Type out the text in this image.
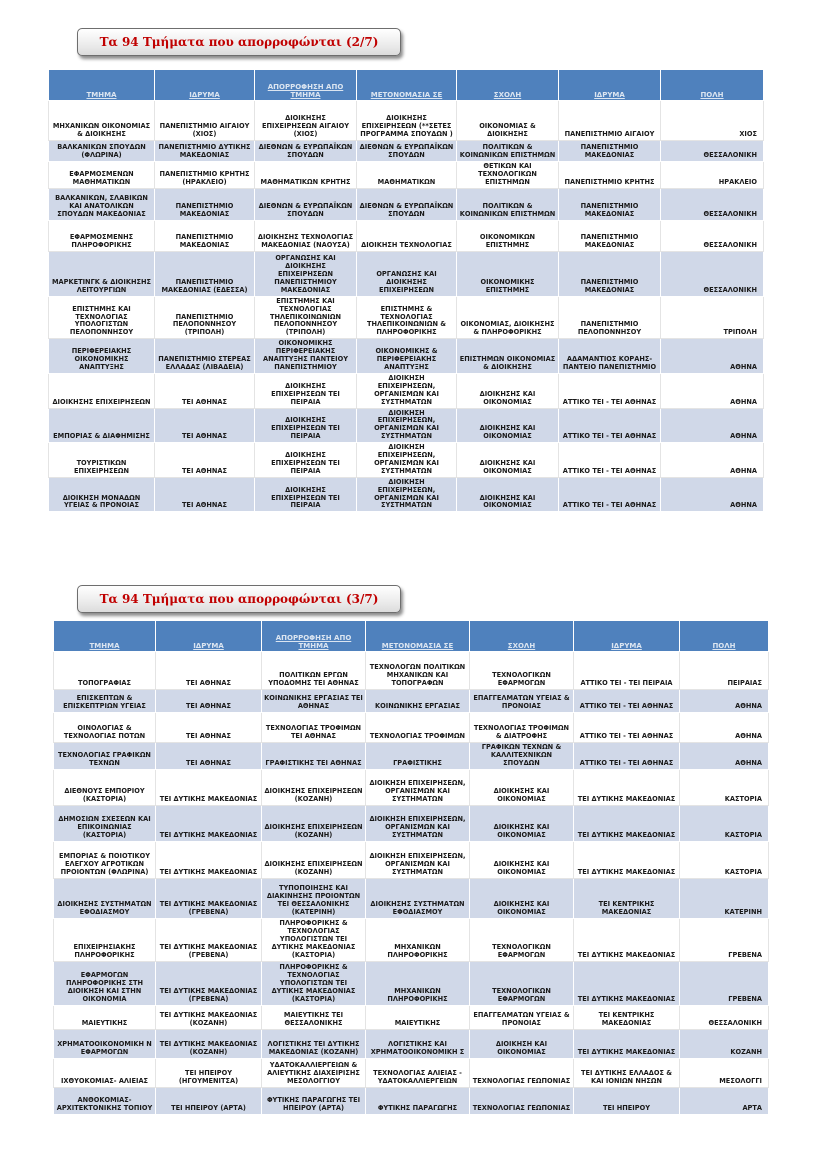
Τα 94 Τμήματα που απορροφώνται (2/7)
ΤΜΗΜΑ	ΙΔΡΥΜΑ	ΑΠΟΡΡΟΦΗΣΗ ΑΠΟ ΤΜΗΜΑ	ΜΕΤΟΝΟΜΑΣΙΑ ΣΕ	ΣΧΟΛΗ	ΙΔΡΥΜΑ	ΠΟΛΗ
ΜΗΧΑΝΙΚΩΝ ΟΙΚΟΝΟΜΙΑΣ & ΔΙΟΙΚΗΣΗΣ	ΠΑΝΕΠΙΣΤΗΜΙΟ ΑΙΓΑΙΟΥ (ΧΙΟΣ)	ΔΙΟΙΚΗΣΗΣ ΕΠΙΧΕΙΡΗΣΕΩΝ ΑΙΓΑΙΟΥ (ΧΙΟΣ)	ΔΙΟΙΚΗΣΗΣ ΕΠΙΧΕΙΡΗΣΕΩΝ (**ΣΕΤΕΣ ΠΡΟΓΡΑΜΜΑ ΣΠΟΥΔΩΝ )	ΟΙΚΟΝΟΜΙΑΣ & ΔΙΟΙΚΗΣΗΣ	ΠΑΝΕΠΙΣΤΗΜΙΟ ΑΙΓΑΙΟΥ	ΧΙΟΣ
ΒΑΛΚΑΝΙΚΩΝ ΣΠΟΥΔΩΝ (ΦΛΩΡΙΝΑ)	ΠΑΝΕΠΙΣΤΗΜΙΟ ΔΥΤΙΚΗΣ ΜΑΚΕΔΟΝΙΑΣ	ΔΙΕΘΝΩΝ & ΕΥΡΩΠΑΪΚΩΝ ΣΠΟΥΔΩΝ	ΔΙΕΘΝΩΝ & ΕΥΡΩΠΑΪΚΩΝ ΣΠΟΥΔΩΝ	ΠΟΛΙΤΙΚΩΝ & ΚΟΙΝΩΝΙΚΩΝ ΕΠΙΣΤΗΜΩΝ	ΠΑΝΕΠΙΣΤΗΜΙΟ ΜΑΚΕΔΟΝΙΑΣ	ΘΕΣΣΑΛΟΝΙΚΗ
ΕΦΑΡΜΟΣΜΕΝΩΝ ΜΑΘΗΜΑΤΙΚΩΝ	ΠΑΝΕΠΙΣΤΗΜΙΟ ΚΡΗΤΗΣ (ΗΡΑΚΛΕΙΟ)	ΜΑΘΗΜΑΤΙΚΩΝ ΚΡΗΤΗΣ	ΜΑΘΗΜΑΤΙΚΩΝ	ΘΕΤΙΚΩΝ ΚΑΙ ΤΕΧΝΟΛΟΓΙΚΩΝ ΕΠΙΣΤΗΜΩΝ	ΠΑΝΕΠΙΣΤΗΜΙΟ ΚΡΗΤΗΣ	ΗΡΑΚΛΕΙΟ
ΒΑΛΚΑΝΙΚΩΝ, ΣΛΑΒΙΚΩΝ ΚΑΙ ΑΝΑΤΟΛΙΚΩΝ ΣΠΟΥΔΩΝ ΜΑΚΕΔΟΝΙΑΣ	ΠΑΝΕΠΙΣΤΗΜΙΟ ΜΑΚΕΔΟΝΙΑΣ	ΔΙΕΘΝΩΝ & ΕΥΡΩΠΑΪΚΩΝ ΣΠΟΥΔΩΝ	ΔΙΕΘΝΩΝ & ΕΥΡΩΠΑΪΚΩΝ ΣΠΟΥΔΩΝ	ΠΟΛΙΤΙΚΩΝ & ΚΟΙΝΩΝΙΚΩΝ ΕΠΙΣΤΗΜΩΝ	ΠΑΝΕΠΙΣΤΗΜΙΟ ΜΑΚΕΔΟΝΙΑΣ	ΘΕΣΣΑΛΟΝΙΚΗ
ΕΦΑΡΜΟΣΜΕΝΗΣ ΠΛΗΡΟΦΟΡΙΚΗΣ	ΠΑΝΕΠΙΣΤΗΜΙΟ ΜΑΚΕΔΟΝΙΑΣ	ΔΙΟΙΚΗΣΗΣ ΤΕΧΝΟΛΟΓΙΑΣ ΜΑΚΕΔΟΝΙΑΣ (ΝΑΟΥΣΑ)	ΔΙΟΙΚΗΣΗ ΤΕΧΝΟΛΟΓΙΑΣ	ΟΙΚΟΝΟΜΙΚΩΝ ΕΠΙΣΤΗΜΗΣ	ΠΑΝΕΠΙΣΤΗΜΙΟ ΜΑΚΕΔΟΝΙΑΣ	ΘΕΣΣΑΛΟΝΙΚΗ
ΜΑΡΚΕΤΙΝΓΚ & ΔΙΟΙΚΗΣΗΣ ΛΕΙΤΟΥΡΓΙΩΝ	ΠΑΝΕΠΙΣΤΗΜΙΟ ΜΑΚΕΔΟΝΙΑΣ (ΕΔΕΣΣΑ)	ΟΡΓΑΝΩΣΗΣ ΚΑΙ ΔΙΟΙΚΗΣΗΣ ΕΠΙΧΕΙΡΗΣΕΩΝ ΠΑΝΕΠΙΣΤΗΜΙΟΥ ΜΑΚΕΔΟΝΙΑΣ	ΟΡΓΑΝΩΣΗΣ ΚΑΙ ΔΙΟΙΚΗΣΗΣ ΕΠΙΧΕΙΡΗΣΕΩΝ	ΟΙΚΟΝΟΜΙΚΗΣ ΕΠΙΣΤΗΜΗΣ	ΠΑΝΕΠΙΣΤΗΜΙΟ ΜΑΚΕΔΟΝΙΑΣ	ΘΕΣΣΑΛΟΝΙΚΗ
ΕΠΙΣΤΗΜΗΣ ΚΑΙ ΤΕΧΝΟΛΟΓΙΑΣ ΥΠΟΛΟΓΙΣΤΩΝ ΠΕΛΟΠΟΝΝΗΣΟΥ	ΠΑΝΕΠΙΣΤΗΜΙΟ ΠΕΛΟΠΟΝΝΗΣΟΥ (ΤΡΙΠΟΛΗ)	ΕΠΙΣΤΗΜΗΣ ΚΑΙ ΤΕΧΝΟΛΟΓΙΑΣ ΤΗΛΕΠΙΚΟΙΝΩΝΙΩΝ ΠΕΛΟΠΟΝΝΗΣΟΥ (ΤΡΙΠΟΛΗ)	ΕΠΙΣΤΗΜΗΣ & ΤΕΧΝΟΛΟΓΙΑΣ ΤΗΛΕΠΙΚΟΙΝΩΝΙΩΝ & ΠΛΗΡΟΦΟΡΙΚΗΣ	ΟΙΚΟΝΟΜΙΑΣ, ΔΙΟΙΚΗΣΗΣ & ΠΛΗΡΟΦΟΡΙΚΗΣ	ΠΑΝΕΠΙΣΤΗΜΙΟ ΠΕΛΟΠΟΝΝΗΣΟΥ	ΤΡΙΠΟΛΗ
ΠΕΡΙΦΕΡΕΙΑΚΗΣ ΟΙΚΟΝΟΜΙΚΗΣ ΑΝΑΠΤΥΞΗΣ	ΠΑΝΕΠΙΣΤΗΜΙΟ ΣΤΕΡΕΑΣ ΕΛΛΑΔΑΣ (ΛΙΒΑΔΕΙΑ)	ΟΙΚΟΝΟΜΙΚΗΣ ΠΕΡΙΦΕΡΕΙΑΚΗΣ ΑΝΑΠΤΥΞΗΣ ΠΑΝΤΕΙΟΥ ΠΑΝΕΠΙΣΤΗΜΙΟΥ	ΟΙΚΟΝΟΜΙΚΗΣ & ΠΕΡΙΦΕΡΕΙΑΚΗΣ ΑΝΑΠΤΥΞΗΣ	ΕΠΙΣΤΗΜΩΝ ΟΙΚΟΝΟΜΙΑΣ & ΔΙΟΙΚΗΣΗΣ	ΑΔΑΜΑΝΤΙΟΣ ΚΟΡΑΗΣ-ΠΑΝΤΕΙΟ ΠΑΝΕΠΙΣΤΗΜΙΟ	ΑΘΗΝΑ
ΔΙΟΙΚΗΣΗΣ ΕΠΙΧΕΙΡΗΣΕΩΝ	ΤΕΙ ΑΘΗΝΑΣ	ΔΙΟΙΚΗΣΗΣ ΕΠΙΧΕΙΡΗΣΕΩΝ ΤΕΙ ΠΕΙΡΑΙΑ	ΔΙΟΙΚΗΣΗ ΕΠΙΧΕΙΡΗΣΕΩΝ, ΟΡΓΑΝΙΣΜΩΝ ΚΑΙ ΣΥΣΤΗΜΑΤΩΝ	ΔΙΟΙΚΗΣΗΣ ΚΑΙ ΟΙΚΟΝΟΜΙΑΣ	ΑΤΤΙΚΟ ΤΕΙ - ΤΕΙ ΑΘΗΝΑΣ	ΑΘΗΝΑ
ΕΜΠΟΡΙΑΣ & ΔΙΑΦΗΜΙΣΗΣ	ΤΕΙ ΑΘΗΝΑΣ	ΔΙΟΙΚΗΣΗΣ ΕΠΙΧΕΙΡΗΣΕΩΝ ΤΕΙ ΠΕΙΡΑΙΑ	ΔΙΟΙΚΗΣΗ ΕΠΙΧΕΙΡΗΣΕΩΝ, ΟΡΓΑΝΙΣΜΩΝ ΚΑΙ ΣΥΣΤΗΜΑΤΩΝ	ΔΙΟΙΚΗΣΗΣ ΚΑΙ ΟΙΚΟΝΟΜΙΑΣ	ΑΤΤΙΚΟ ΤΕΙ - ΤΕΙ ΑΘΗΝΑΣ	ΑΘΗΝΑ
ΤΟΥΡΙΣΤΙΚΩΝ ΕΠΙΧΕΙΡΗΣΕΩΝ	ΤΕΙ ΑΘΗΝΑΣ	ΔΙΟΙΚΗΣΗΣ ΕΠΙΧΕΙΡΗΣΕΩΝ ΤΕΙ ΠΕΙΡΑΙΑ	ΔΙΟΙΚΗΣΗ ΕΠΙΧΕΙΡΗΣΕΩΝ, ΟΡΓΑΝΙΣΜΩΝ ΚΑΙ ΣΥΣΤΗΜΑΤΩΝ	ΔΙΟΙΚΗΣΗΣ ΚΑΙ ΟΙΚΟΝΟΜΙΑΣ	ΑΤΤΙΚΟ ΤΕΙ - ΤΕΙ ΑΘΗΝΑΣ	ΑΘΗΝΑ
ΔΙΟΙΚΗΣΗ ΜΟΝΑΔΩΝ ΥΓΕΙΑΣ & ΠΡΟΝΟΙΑΣ	ΤΕΙ ΑΘΗΝΑΣ	ΔΙΟΙΚΗΣΗΣ ΕΠΙΧΕΙΡΗΣΕΩΝ ΤΕΙ ΠΕΙΡΑΙΑ	ΔΙΟΙΚΗΣΗ ΕΠΙΧΕΙΡΗΣΕΩΝ, ΟΡΓΑΝΙΣΜΩΝ ΚΑΙ ΣΥΣΤΗΜΑΤΩΝ	ΔΙΟΙΚΗΣΗΣ ΚΑΙ ΟΙΚΟΝΟΜΙΑΣ	ΑΤΤΙΚΟ ΤΕΙ - ΤΕΙ ΑΘΗΝΑΣ	ΑΘΗΝΑ
Τα 94 Τμήματα που απορροφώνται (3/7)
ΤΜΗΜΑ	ΙΔΡΥΜΑ	ΑΠΟΡΡΟΦΗΣΗ ΑΠΟ ΤΜΗΜΑ	ΜΕΤΟΝΟΜΑΣΙΑ ΣΕ	ΣΧΟΛΗ	ΙΔΡΥΜΑ	ΠΟΛΗ
ΤΟΠΟΓΡΑΦΙΑΣ	ΤΕΙ ΑΘΗΝΑΣ	ΠΟΛΙΤΙΚΩΝ ΕΡΓΩΝ ΥΠΟΔΟΜΗΣ ΤΕΙ ΑΘΗΝΑΣ	ΤΕΧΝΟΛΟΓΩΝ ΠΟΛΙΤΙΚΩΝ ΜΗΧΑΝΙΚΩΝ ΚΑΙ ΤΟΠΟΓΡΑΦΩΝ	ΤΕΧΝΟΛΟΓΙΚΩΝ ΕΦΑΡΜΟΓΩΝ	ΑΤΤΙΚΟ ΤΕΙ - ΤΕΙ ΠΕΙΡΑΙΑ	ΠΕΙΡΑΙΑΣ
ΕΠΙΣΚΕΠΤΩΝ & ΕΠΙΣΚΕΠΤΡΙΩΝ ΥΓΕΙΑΣ	ΤΕΙ ΑΘΗΝΑΣ	ΚΟΙΝΩΝΙΚΗΣ ΕΡΓΑΣΙΑΣ ΤΕΙ ΑΘΗΝΑΣ	ΚΟΙΝΩΝΙΚΗΣ ΕΡΓΑΣΙΑΣ	ΕΠΑΓΓΕΛΜΑΤΩΝ ΥΓΕΙΑΣ & ΠΡΟΝΟΙΑΣ	ΑΤΤΙΚΟ ΤΕΙ - ΤΕΙ ΑΘΗΝΑΣ	ΑΘΗΝΑ
ΟΙΝΟΛΟΓΙΑΣ & ΤΕΧΝΟΛΟΓΙΑΣ ΠΟΤΩΝ	ΤΕΙ ΑΘΗΝΑΣ	ΤΕΧΝΟΛΟΓΙΑΣ ΤΡΟΦΙΜΩΝ ΤΕΙ ΑΘΗΝΑΣ	ΤΕΧΝΟΛΟΓΙΑΣ ΤΡΟΦΙΜΩΝ	ΤΕΧΝΟΛΟΓΙΑΣ ΤΡΟΦΙΜΩΝ & ΔΙΑΤΡΟΦΗΣ	ΑΤΤΙΚΟ ΤΕΙ - ΤΕΙ ΑΘΗΝΑΣ	ΑΘΗΝΑ
ΤΕΧΝΟΛΟΓΙΑΣ ΓΡΑΦΙΚΩΝ ΤΕΧΝΩΝ	ΤΕΙ ΑΘΗΝΑΣ	ΓΡΑΦΙΣΤΙΚΗΣ ΤΕΙ ΑΘΗΝΑΣ	ΓΡΑΦΙΣΤΙΚΗΣ	ΓΡΑΦΙΚΩΝ ΤΕΧΝΩΝ & ΚΑΛΛΙΤΕΧΝΙΚΩΝ ΣΠΟΥΔΩΝ	ΑΤΤΙΚΟ ΤΕΙ - ΤΕΙ ΑΘΗΝΑΣ	ΑΘΗΝΑ
ΔΙΕΘΝΟΥΣ ΕΜΠΟΡΙΟΥ (ΚΑΣΤΟΡΙΑ)	ΤΕΙ ΔΥΤΙΚΗΣ ΜΑΚΕΔΟΝΙΑΣ	ΔΙΟΙΚΗΣΗΣ ΕΠΙΧΕΙΡΗΣΕΩΝ (ΚΟΖΑΝΗ)	ΔΙΟΙΚΗΣΗ ΕΠΙΧΕΙΡΗΣΕΩΝ, ΟΡΓΑΝΙΣΜΩΝ ΚΑΙ ΣΥΣΤΗΜΑΤΩΝ	ΔΙΟΙΚΗΣΗΣ ΚΑΙ ΟΙΚΟΝΟΜΙΑΣ	ΤΕΙ ΔΥΤΙΚΗΣ ΜΑΚΕΔΟΝΙΑΣ	ΚΑΣΤΟΡΙΑ
ΔΗΜΟΣΙΩΝ ΣΧΕΣΕΩΝ ΚΑΙ ΕΠΙΚΟΙΝΩΝΙΑΣ (ΚΑΣΤΟΡΙΑ)	ΤΕΙ ΔΥΤΙΚΗΣ ΜΑΚΕΔΟΝΙΑΣ	ΔΙΟΙΚΗΣΗΣ ΕΠΙΧΕΙΡΗΣΕΩΝ (ΚΟΖΑΝΗ)	ΔΙΟΙΚΗΣΗ ΕΠΙΧΕΙΡΗΣΕΩΝ, ΟΡΓΑΝΙΣΜΩΝ ΚΑΙ ΣΥΣΤΗΜΑΤΩΝ	ΔΙΟΙΚΗΣΗΣ ΚΑΙ ΟΙΚΟΝΟΜΙΑΣ	ΤΕΙ ΔΥΤΙΚΗΣ ΜΑΚΕΔΟΝΙΑΣ	ΚΑΣΤΟΡΙΑ
ΕΜΠΟΡΙΑΣ & ΠΟΙΟΤΙΚΟΥ ΕΛΕΓΧΟΥ ΑΓΡΟΤΙΚΩΝ ΠΡΟΙΟΝΤΩΝ (ΦΛΩΡΙΝΑ)	ΤΕΙ ΔΥΤΙΚΗΣ ΜΑΚΕΔΟΝΙΑΣ	ΔΙΟΙΚΗΣΗΣ ΕΠΙΧΕΙΡΗΣΕΩΝ (ΚΟΖΑΝΗ)	ΔΙΟΙΚΗΣΗ ΕΠΙΧΕΙΡΗΣΕΩΝ, ΟΡΓΑΝΙΣΜΩΝ ΚΑΙ ΣΥΣΤΗΜΑΤΩΝ	ΔΙΟΙΚΗΣΗΣ ΚΑΙ ΟΙΚΟΝΟΜΙΑΣ	ΤΕΙ ΔΥΤΙΚΗΣ ΜΑΚΕΔΟΝΙΑΣ	ΚΑΣΤΟΡΙΑ
ΔΙΟΙΚΗΣΗΣ ΣΥΣΤΗΜΑΤΩΝ ΕΦΟΔΙΑΣΜΟΥ	ΤΕΙ ΔΥΤΙΚΗΣ ΜΑΚΕΔΟΝΙΑΣ (ΓΡΕΒΕΝΑ)	ΤΥΠΟΠΟΙΗΣΗΣ ΚΑΙ ΔΙΑΚΙΝΗΣΗΣ ΠΡΟΙΟΝΤΩΝ ΤΕΙ ΘΕΣΣΑΛΟΝΙΚΗΣ (ΚΑΤΕΡΙΝΗ)	ΔΙΟΙΚΗΣΗΣ ΣΥΣΤΗΜΑΤΩΝ ΕΦΟΔΙΑΣΜΟΥ	ΔΙΟΙΚΗΣΗΣ ΚΑΙ ΟΙΚΟΝΟΜΙΑΣ	ΤΕΙ ΚΕΝΤΡΙΚΗΣ ΜΑΚΕΔΟΝΙΑΣ	ΚΑΤΕΡΙΝΗ
ΕΠΙΧΕΙΡΗΣΙΑΚΗΣ ΠΛΗΡΟΦΟΡΙΚΗΣ	ΤΕΙ ΔΥΤΙΚΗΣ ΜΑΚΕΔΟΝΙΑΣ (ΓΡΕΒΕΝΑ)	ΠΛΗΡΟΦΟΡΙΚΗΣ & ΤΕΧΝΟΛΟΓΙΑΣ ΥΠΟΛΟΓΙΣΤΩΝ ΤΕΙ ΔΥΤΙΚΗΣ ΜΑΚΕΔΟΝΙΑΣ (ΚΑΣΤΟΡΙΑ)	ΜΗΧΑΝΙΚΩΝ ΠΛΗΡΟΦΟΡΙΚΗΣ	ΤΕΧΝΟΛΟΓΙΚΩΝ ΕΦΑΡΜΟΓΩΝ	ΤΕΙ ΔΥΤΙΚΗΣ ΜΑΚΕΔΟΝΙΑΣ	ΓΡΕΒΕΝΑ
ΕΦΑΡΜΟΓΩΝ ΠΛΗΡΟΦΟΡΙΚΗΣ ΣΤΗ ΔΙΟΙΚΗΣΗ ΚΑΙ ΣΤΗΝ ΟΙΚΟΝΟΜΙΑ	ΤΕΙ ΔΥΤΙΚΗΣ ΜΑΚΕΔΟΝΙΑΣ (ΓΡΕΒΕΝΑ)	ΠΛΗΡΟΦΟΡΙΚΗΣ & ΤΕΧΝΟΛΟΓΙΑΣ ΥΠΟΛΟΓΙΣΤΩΝ ΤΕΙ ΔΥΤΙΚΗΣ ΜΑΚΕΔΟΝΙΑΣ (ΚΑΣΤΟΡΙΑ)	ΜΗΧΑΝΙΚΩΝ ΠΛΗΡΟΦΟΡΙΚΗΣ	ΤΕΧΝΟΛΟΓΙΚΩΝ ΕΦΑΡΜΟΓΩΝ	ΤΕΙ ΔΥΤΙΚΗΣ ΜΑΚΕΔΟΝΙΑΣ	ΓΡΕΒΕΝΑ
ΜΑΙΕΥΤΙΚΗΣ	ΤΕΙ ΔΥΤΙΚΗΣ ΜΑΚΕΔΟΝΙΑΣ (ΚΟΖΑΝΗ)	ΜΑΙΕΥΤΙΚΗΣ ΤΕΙ ΘΕΣΣΑΛΟΝΙΚΗΣ	ΜΑΙΕΥΤΙΚΗΣ	ΕΠΑΓΓΕΛΜΑΤΩΝ ΥΓΕΙΑΣ & ΠΡΟΝΟΙΑΣ	ΤΕΙ ΚΕΝΤΡΙΚΗΣ ΜΑΚΕΔΟΝΙΑΣ	ΘΕΣΣΑΛΟΝΙΚΗ
ΧΡΗΜΑΤΟΟΙΚΟΝΟΜΙΚΗ Ν ΕΦΑΡΜΟΓΩΝ	ΤΕΙ ΔΥΤΙΚΗΣ ΜΑΚΕΔΟΝΙΑΣ (ΚΟΖΑΝΗ)	ΛΟΓΙΣΤΙΚΗΣ ΤΕΙ ΔΥΤΙΚΗΣ ΜΑΚΕΔΟΝΙΑΣ (ΚΟΖΑΝΗ)	ΛΟΓΙΣΤΙΚΗΣ ΚΑΙ ΧΡΗΜΑΤΟΟΙΚΟΝΟΜΙΚΗ Σ	ΔΙΟΙΚΗΣΗ ΚΑΙ ΟΙΚΟΝΟΜΙΑΣ	ΤΕΙ ΔΥΤΙΚΗΣ ΜΑΚΕΔΟΝΙΑΣ	ΚΟΖΑΝΗ
ΙΧΘΥΟΚΟΜΙΑΣ- ΑΛΙΕΙΑΣ	ΤΕΙ ΗΠΕΙΡΟΥ (ΗΓΟΥΜΕΝΙΤΣΑ)	ΥΔΑΤΟΚΑΛΛΙΕΡΓΕΙΩΝ & ΑΛΙΕΥΤΙΚΗΣ ΔΙΑΧΕΙΡΙΣΗΣ ΜΕΣΟΛΟΓΓΙΟΥ	ΤΕΧΝΟΛΟΓΙΑΣ ΑΛΙΕΙΑΣ - ΥΔΑΤΟΚΑΛΛΙΕΡΓΕΙΩΝ	ΤΕΧΝΟΛΟΓΙΑΣ ΓΕΩΠΟΝΙΑΣ	ΤΕΙ ΔΥΤΙΚΗΣ ΕΛΛΑΔΟΣ & ΚΑΙ ΙΟΝΙΩΝ ΝΗΣΩΝ	ΜΕΣΟΛΟΓΓΙ
ΑΝΘΟΚΟΜΙΑΣ-ΑΡΧΙΤΕΚΤΟΝΙΚΗΣ ΤΟΠΙΟΥ	ΤΕΙ ΗΠΕΙΡΟΥ (ΑΡΤΑ)	ΦΥΤΙΚΗΣ ΠΑΡΑΓΩΓΗΣ ΤΕΙ ΗΠΕΙΡΟΥ (ΑΡΤΑ)	ΦΥΤΙΚΗΣ ΠΑΡΑΓΩΓΗΣ	ΤΕΧΝΟΛΟΓΙΑΣ ΓΕΩΠΟΝΙΑΣ	ΤΕΙ ΗΠΕΙΡΟΥ	ΑΡΤΑ
